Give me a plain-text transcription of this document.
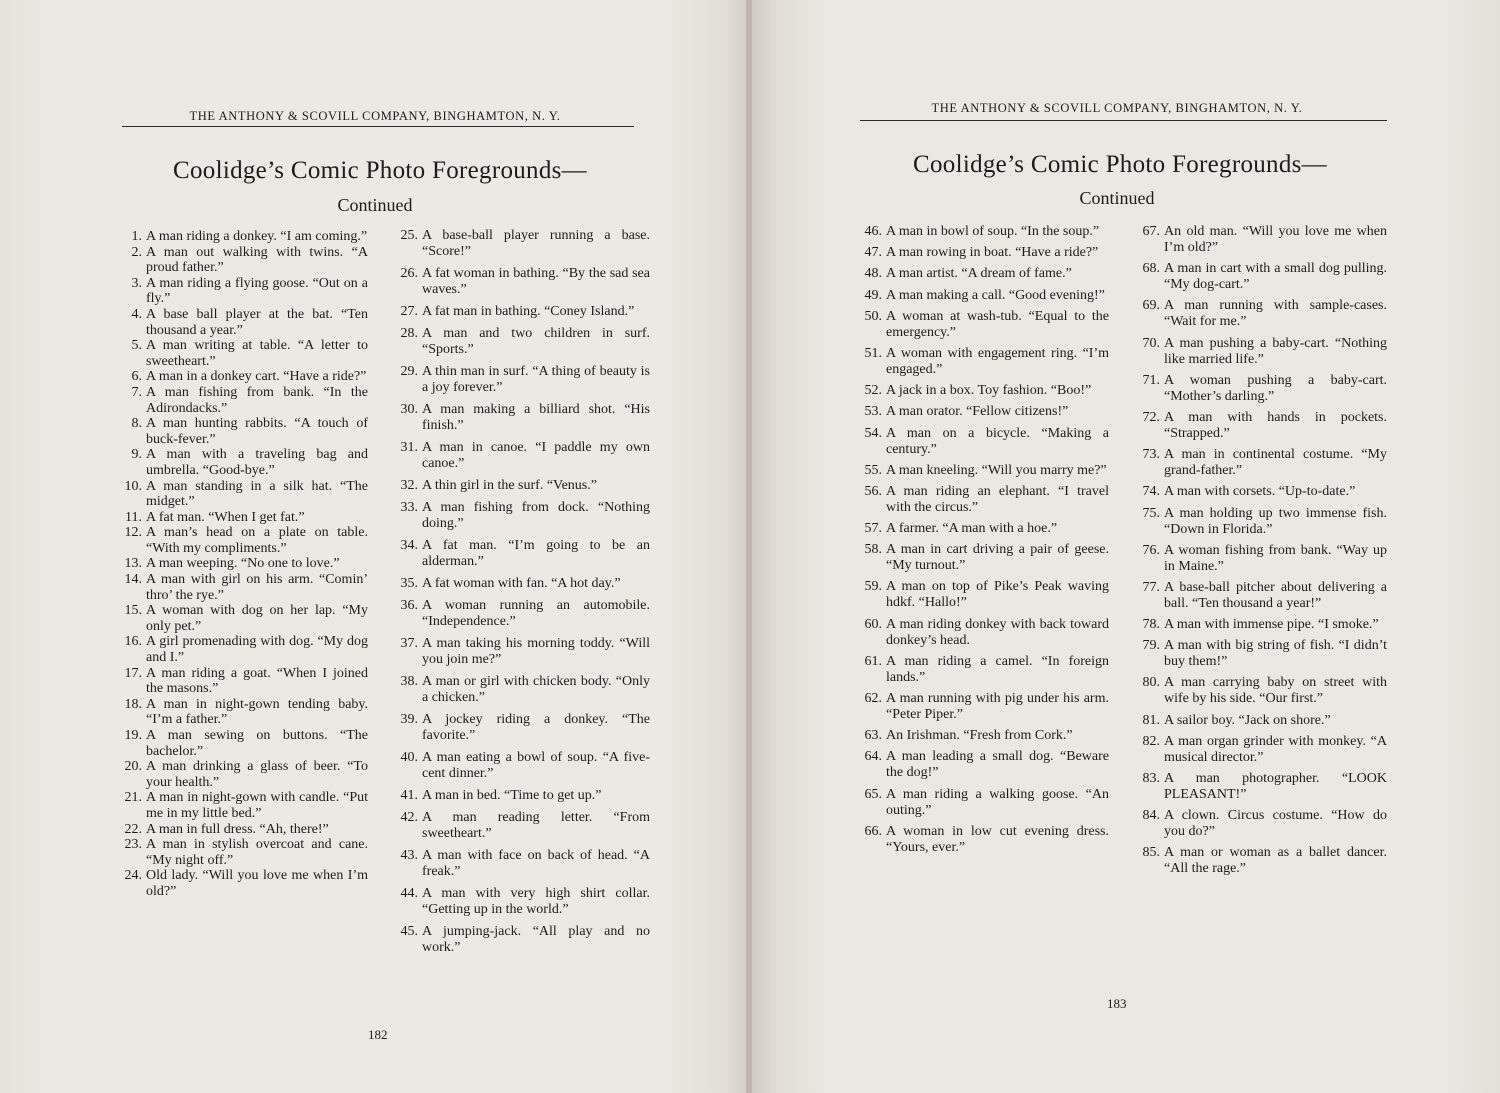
THE ANTHONY & SCOVILL COMPANY, BINGHAMTON, N. Y.
Coolidge’s Comic Photo Foregrounds—
Continued
1. A man riding a donkey. “I am coming.”
2. A man out walking with twins. “A proud father.”
3. A man riding a flying goose. “Out on a fly.”
4. A base ball player at the bat. “Ten thousand a year.”
5. A man writing at table. “A letter to sweetheart.”
6. A man in a donkey cart. “Have a ride?”
7. A man fishing from bank. “In the Adirondacks.”
8. A man hunting rabbits. “A touch of buck-fever.”
9. A man with a traveling bag and umbrella. “Good-bye.”
10. A man standing in a silk hat. “The midget.”
11. A fat man. “When I get fat.”
12. A man’s head on a plate on table. “With my compliments.”
13. A man weeping. “No one to love.”
14. A man with girl on his arm. “Comin’ thro’ the rye.”
15. A woman with dog on her lap. “My only pet.”
16. A girl promenading with dog. “My dog and I.”
17. A man riding a goat. “When I joined the masons.”
18. A man in night-gown tending baby. “I’m a father.”
19. A man sewing on buttons. “The bachelor.”
20. A man drinking a glass of beer. “To your health.”
21. A man in night-gown with candle. “Put me in my little bed.”
22. A man in full dress. “Ah, there!”
23. A man in stylish overcoat and cane. “My night off.”
24. Old lady. “Will you love me when I’m old?”
25. A base-ball player running a base. “Score!”
26. A fat woman in bathing. “By the sad sea waves.”
27. A fat man in bathing. “Coney Island.”
28. A man and two children in surf. “Sports.”
29. A thin man in surf. “A thing of beauty is a joy forever.”
30. A man making a billiard shot. “His finish.”
31. A man in canoe. “I paddle my own canoe.”
32. A thin girl in the surf. “Venus.”
33. A man fishing from dock. “Nothing doing.”
34. A fat man. “I’m going to be an alderman.”
35. A fat woman with fan. “A hot day.”
36. A woman running an automobile. “Independence.”
37. A man taking his morning toddy. “Will you join me?”
38. A man or girl with chicken body. “Only a chicken.”
39. A jockey riding a donkey. “The favorite.”
40. A man eating a bowl of soup. “A five-cent dinner.”
41. A man in bed. “Time to get up.”
42. A man reading letter. “From sweetheart.”
43. A man with face on back of head. “A freak.”
44. A man with very high shirt collar. “Getting up in the world.”
45. A jumping-jack. “All play and no work.”
182
THE ANTHONY & SCOVILL COMPANY, BINGHAMTON, N. Y.
Coolidge’s Comic Photo Foregrounds—
Continued
46. A man in bowl of soup. “In the soup.”
47. A man rowing in boat. “Have a ride?”
48. A man artist. “A dream of fame.”
49. A man making a call. “Good evening!”
50. A woman at wash-tub. “Equal to the emergency.”
51. A woman with engagement ring. “I’m engaged.”
52. A jack in a box. Toy fashion. “Boo!”
53. A man orator. “Fellow citizens!”
54. A man on a bicycle. “Making a century.”
55. A man kneeling. “Will you marry me?”
56. A man riding an elephant. “I travel with the circus.”
57. A farmer. “A man with a hoe.”
58. A man in cart driving a pair of geese. “My turnout.”
59. A man on top of Pike’s Peak waving hdkf. “Hallo!”
60. A man riding donkey with back toward donkey’s head.
61. A man riding a camel. “In foreign lands.”
62. A man running with pig under his arm. “Peter Piper.”
63. An Irishman. “Fresh from Cork.”
64. A man leading a small dog. “Beware the dog!”
65. A man riding a walking goose. “An outing.”
66. A woman in low cut evening dress. “Yours, ever.”
67. An old man. “Will you love me when I’m old?”
68. A man in cart with a small dog pulling. “My dog-cart.”
69. A man running with sample-cases. “Wait for me.”
70. A man pushing a baby-cart. “Nothing like married life.”
71. A woman pushing a baby-cart. “Mother’s darling.”
72. A man with hands in pockets. “Strapped.”
73. A man in continental costume. “My grand-father.”
74. A man with corsets. “Up-to-date.”
75. A man holding up two immense fish. “Down in Florida.”
76. A woman fishing from bank. “Way up in Maine.”
77. A base-ball pitcher about delivering a ball. “Ten thousand a year!”
78. A man with immense pipe. “I smoke.”
79. A man with big string of fish. “I didn’t buy them!”
80. A man carrying baby on street with wife by his side. “Our first.”
81. A sailor boy. “Jack on shore.”
82. A man organ grinder with monkey. “A musical director.”
83. A man photographer. “LOOK PLEASANT!”
84. A clown. Circus costume. “How do you do?”
85. A man or woman as a ballet dancer. “All the rage.”
183
